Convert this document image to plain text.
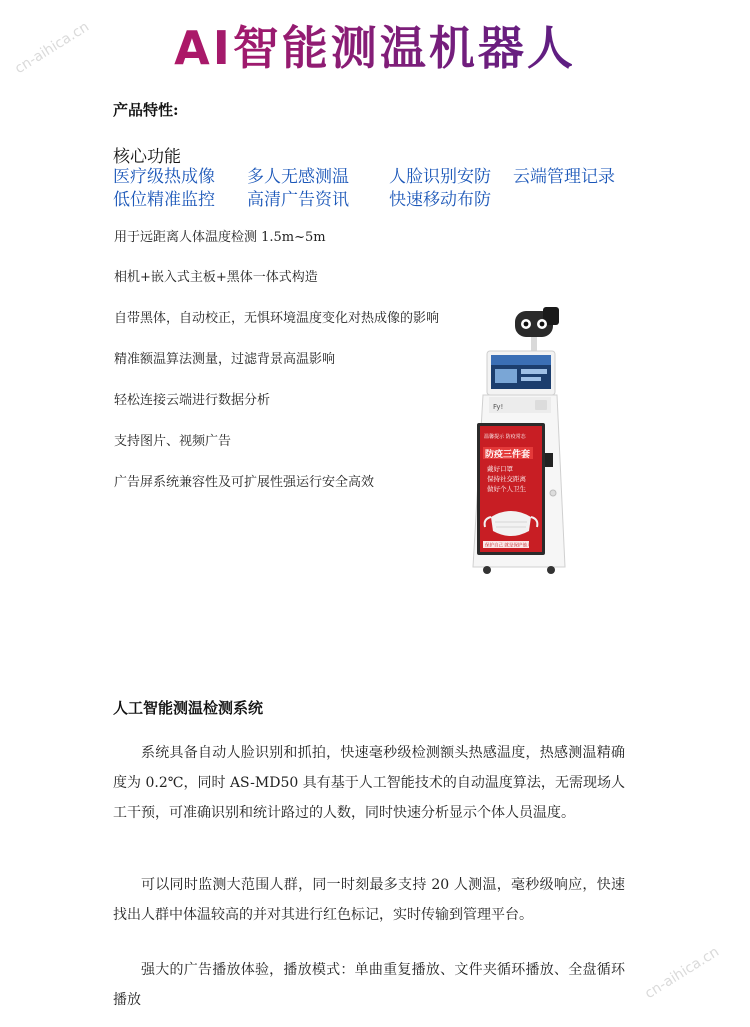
AI智能测温机器人
cn-aihica.cn
cn-aihica.cn
产品特性:
核心功能
医疗级热成像	多人无感测温	人脸识别安防	云端管理记录
低位精准监控	高清广告资讯	快速移动布防
用于远距离人体温度检测 1.5m~5m
相机+嵌入式主板+黑体一体式构造
自带黑体，自动校正，无惧环境温度变化对热成像的影响
精准额温算法测量，过滤背景高温影响
轻松连接云端进行数据分析
支持图片、视频广告
广告屏系统兼容性及可扩展性强运行安全高效
Fy!
温馨提示 防疫常态
防疫三件套
戴好口罩
保持社交距离
做好个人卫生
保护自己 就是保护他人
人工智能测温检测系统

系统具备自动人脸识别和抓拍，快速毫秒级检测额头热感温度，热感测温精确度为 0.2℃，同时 AS-MD50 具有基于人工智能技术的自动温度算法，无需现场人工干预，可准确识别和统计路过的人数，同时快速分析显示个体人员温度。

可以同时监测大范围人群，同一时刻最多支持 20 人测温，毫秒级响应，快速找出人群中体温较高的并对其进行红色标记，实时传输到管理平台。

强大的广告播放体验，播放模式：单曲重复播放、文件夹循环播放、全盘循环播放
